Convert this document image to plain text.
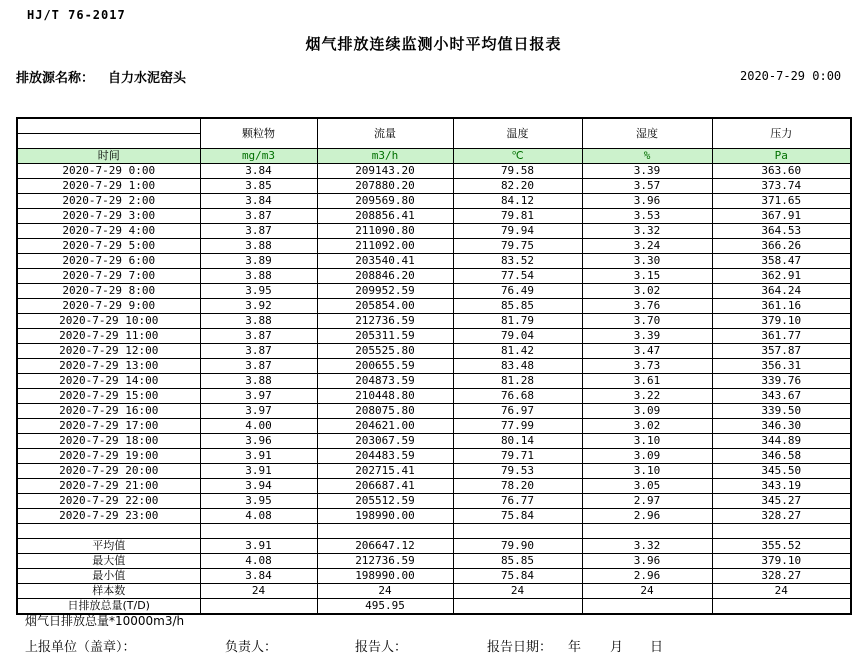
HJ/T 76-2017
烟气排放连续监测小时平均值日报表
排放源名称： 自力水泥窑头	2020-7-29 0:00
	颗粒物	流量	温度	湿度	压力

时间	mg/m3	m3/h	℃	%	Pa
2020-7-29 0:00	3.84	209143.20	79.58	3.39	363.60
2020-7-29 1:00	3.85	207880.20	82.20	3.57	373.74
2020-7-29 2:00	3.84	209569.80	84.12	3.96	371.65
2020-7-29 3:00	3.87	208856.41	79.81	3.53	367.91
2020-7-29 4:00	3.87	211090.80	79.94	3.32	364.53
2020-7-29 5:00	3.88	211092.00	79.75	3.24	366.26
2020-7-29 6:00	3.89	203540.41	83.52	3.30	358.47
2020-7-29 7:00	3.88	208846.20	77.54	3.15	362.91
2020-7-29 8:00	3.95	209952.59	76.49	3.02	364.24
2020-7-29 9:00	3.92	205854.00	85.85	3.76	361.16
2020-7-29 10:00	3.88	212736.59	81.79	3.70	379.10
2020-7-29 11:00	3.87	205311.59	79.04	3.39	361.77
2020-7-29 12:00	3.87	205525.80	81.42	3.47	357.87
2020-7-29 13:00	3.87	200655.59	83.48	3.73	356.31
2020-7-29 14:00	3.88	204873.59	81.28	3.61	339.76
2020-7-29 15:00	3.97	210448.80	76.68	3.22	343.67
2020-7-29 16:00	3.97	208075.80	76.97	3.09	339.50
2020-7-29 17:00	4.00	204621.00	77.99	3.02	346.30
2020-7-29 18:00	3.96	203067.59	80.14	3.10	344.89
2020-7-29 19:00	3.91	204483.59	79.71	3.09	346.58
2020-7-29 20:00	3.91	202715.41	79.53	3.10	345.50
2020-7-29 21:00	3.94	206687.41	78.20	3.05	343.19
2020-7-29 22:00	3.95	205512.59	76.77	2.97	345.27
2020-7-29 23:00	4.08	198990.00	75.84	2.96	328.27

平均值	3.91	206647.12	79.90	3.32	355.52
最大值	4.08	212736.59	85.85	3.96	379.10
最小值	3.84	198990.00	75.84	2.96	328.27
样本数	24	24	24	24	24
日排放总量(T/D)		495.95			
烟气日排放总量*10000m3/h
上报单位（盖章）：	负责人：	报告人：	报告日期： 年 月 日
